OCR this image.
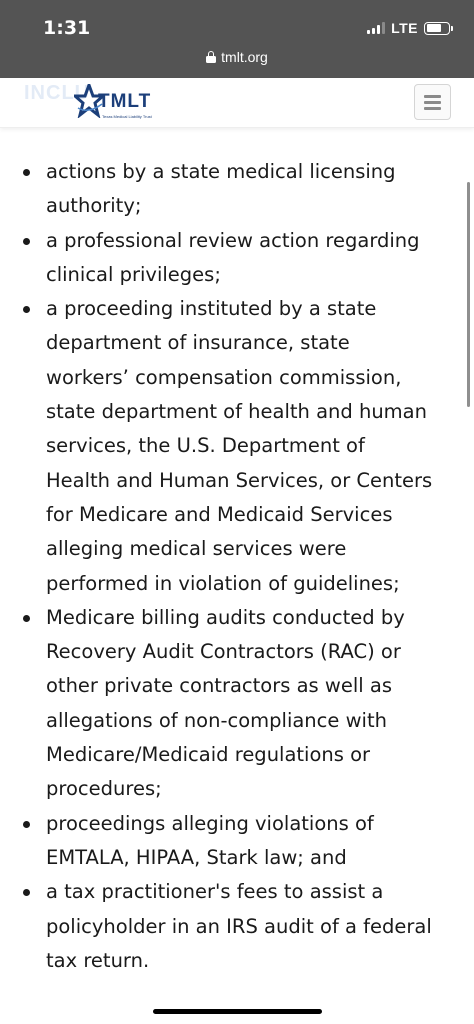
1:31	LTE
tmlt.org
INCLU TMLT
Texas Medical Liability Trust
actions by a state medical licensing authority;
a professional review action regarding clinical privileges;
a proceeding instituted by a state department of insurance, state workers’ compensation commission, state department of health and human services, the U.S. Department of Health and Human Services, or Centers for Medicare and Medicaid Services alleging medical services were performed in violation of guidelines;
Medicare billing audits conducted by Recovery Audit Contractors (RAC) or other private contractors as well as allegations of non-compliance with Medicare/Medicaid regulations or procedures;
proceedings alleging violations of EMTALA, HIPAA, Stark law; and
a tax practitioner's fees to assist a policyholder in an IRS audit of a federal tax return.
